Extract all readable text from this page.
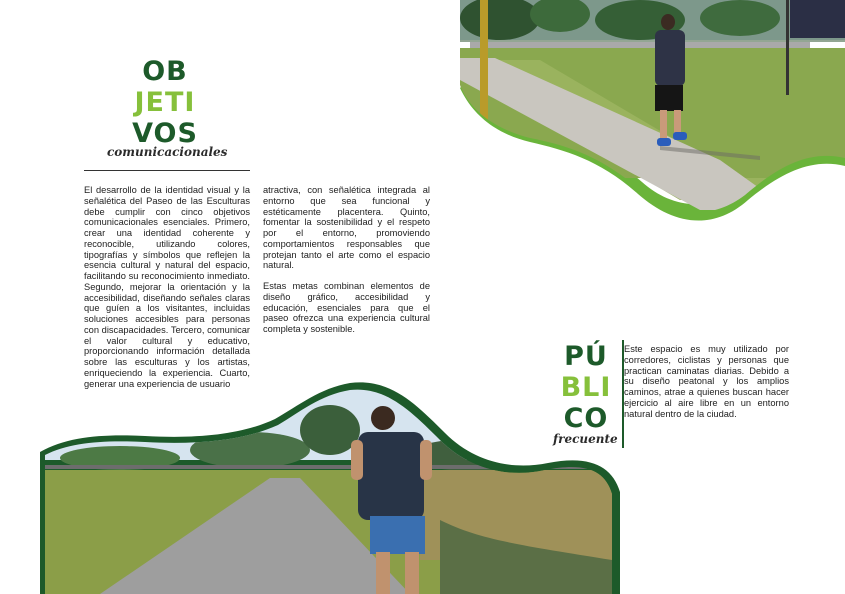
OB
JETI
VOS
comunicacionales

El desarrollo de la identidad visual y la señalética del Paseo de las Esculturas debe cumplir con cinco objetivos comunicacionales esenciales. Primero, crear una identidad coherente y reconocible, utilizando colores, tipografías y símbolos que reflejen la esencia cultural y natural del espacio, facilitando su reconocimiento inmediato. Segundo, mejorar la orientación y la accesibilidad, diseñando señales claras que guíen a los visitantes, incluidas soluciones accesibles para personas con discapacidades. Tercero, comunicar el valor cultural y educativo, proporcionando información detallada sobre las esculturas y los artistas, enriqueciendo la experiencia. Cuarto, generar una experiencia de usuario

atractiva, con señalética integrada al entorno que sea funcional y estéticamente placentera. Quinto, fomentar la sostenibilidad y el respeto por el entorno, promoviendo comportamientos responsables que protejan tanto el arte como el espacio natural.

Estas metas combinan elementos de diseño gráfico, accesibilidad y educación, esenciales para que el paseo ofrezca una experiencia cultural completa y sostenible.

PÚ
BLI
CO
frecuente

Este espacio es muy utilizado por corredores, ciclistas y personas que practican caminatas diarias. Debido a su diseño peatonal y los amplios caminos, atrae a quienes buscan hacer ejercicio al aire libre en un entorno natural dentro de la ciudad.
